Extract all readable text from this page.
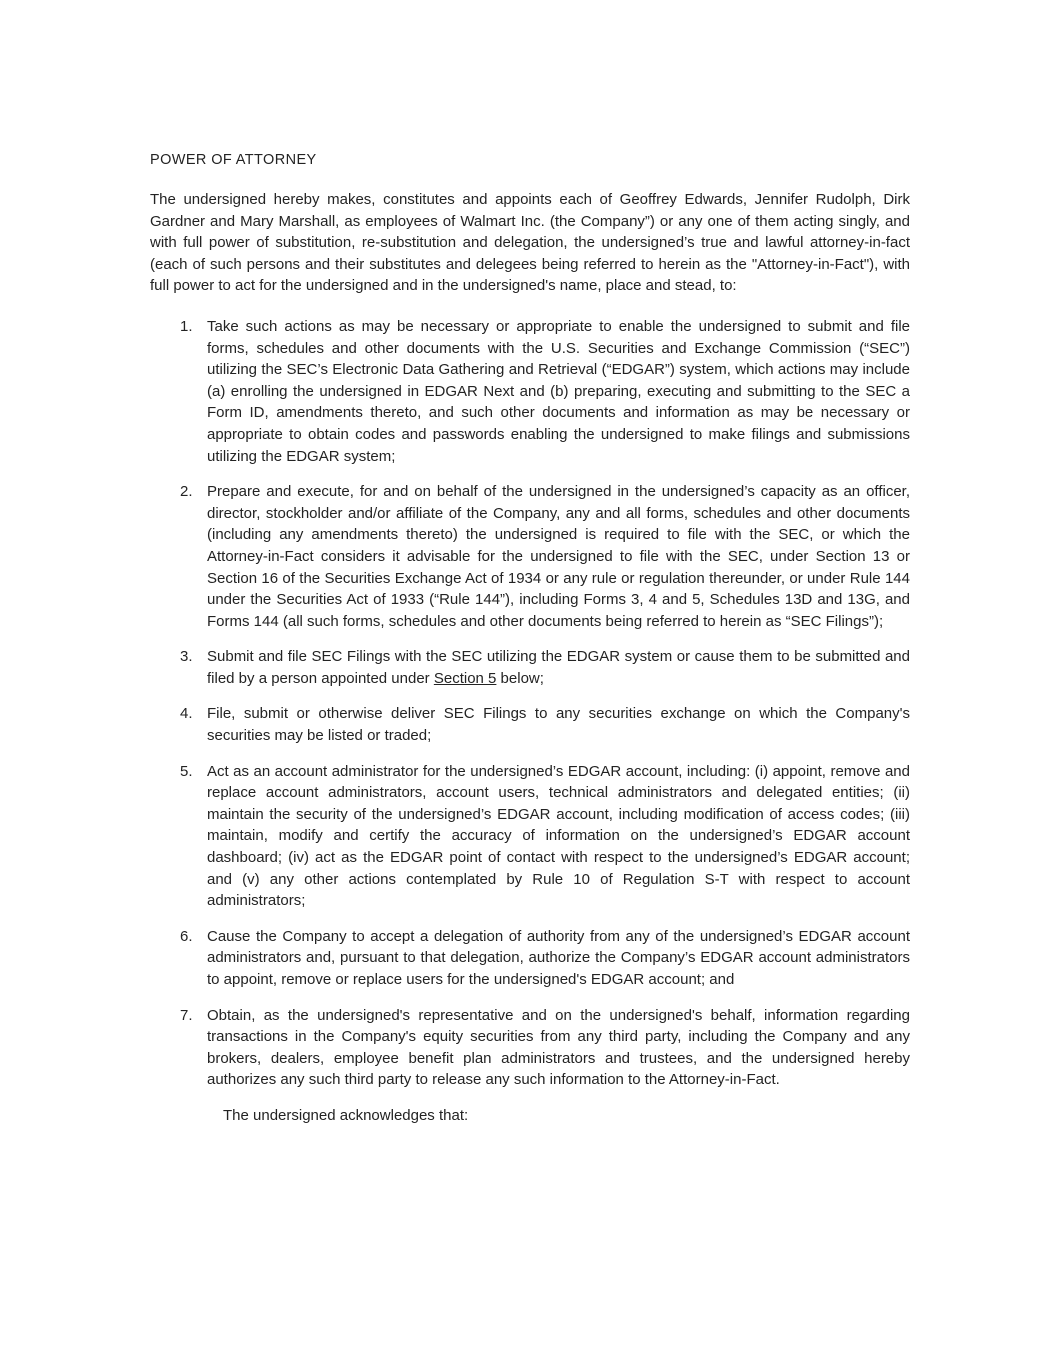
POWER OF ATTORNEY

The undersigned hereby makes, constitutes and appoints each of Geoffrey Edwards, Jennifer Rudolph, Dirk Gardner and Mary Marshall, as employees of Walmart Inc. (the Company”) or any one of them acting singly, and with full power of substitution, re-substitution and delegation, the undersigned’s true and lawful attorney-in-fact (each of such persons and their substitutes and delegees being referred to herein as the "Attorney-in-Fact"), with full power to act for the undersigned and in the undersigned's name, place and stead, to:

1. Take such actions as may be necessary or appropriate to enable the undersigned to submit and file forms, schedules and other documents with the U.S. Securities and Exchange Commission (“SEC”) utilizing the SEC’s Electronic Data Gathering and Retrieval (“EDGAR”) system, which actions may include (a) enrolling the undersigned in EDGAR Next and (b) preparing, executing and submitting to the SEC a Form ID, amendments thereto, and such other documents and information as may be necessary or appropriate to obtain codes and passwords enabling the undersigned to make filings and submissions utilizing the EDGAR system;
2. Prepare and execute, for and on behalf of the undersigned in the undersigned’s capacity as an officer, director, stockholder and/or affiliate of the Company, any and all forms, schedules and other documents (including any amendments thereto) the undersigned is required to file with the SEC, or which the Attorney-in-Fact considers it advisable for the undersigned to file with the SEC, under Section 13 or Section 16 of the Securities Exchange Act of 1934 or any rule or regulation thereunder, or under Rule 144 under the Securities Act of 1933 (“Rule 144”), including Forms 3, 4 and 5, Schedules 13D and 13G, and Forms 144 (all such forms, schedules and other documents being referred to herein as “SEC Filings”);
3. Submit and file SEC Filings with the SEC utilizing the EDGAR system or cause them to be submitted and filed by a person appointed under Section 5 below;
4. File, submit or otherwise deliver SEC Filings to any securities exchange on which the Company's securities may be listed or traded;
5. Act as an account administrator for the undersigned’s EDGAR account, including: (i) appoint, remove and replace account administrators, account users, technical administrators and delegated entities; (ii) maintain the security of the undersigned’s EDGAR account, including modification of access codes; (iii) maintain, modify and certify the accuracy of information on the undersigned’s EDGAR account dashboard; (iv) act as the EDGAR point of contact with respect to the undersigned’s EDGAR account; and (v) any other actions contemplated by Rule 10 of Regulation S-T with respect to account administrators;
6. Cause the Company to accept a delegation of authority from any of the undersigned’s EDGAR account administrators and, pursuant to that delegation, authorize the Company’s EDGAR account administrators to appoint, remove or replace users for the undersigned's EDGAR account; and
7. Obtain, as the undersigned's representative and on the undersigned's behalf, information regarding transactions in the Company's equity securities from any third party, including the Company and any brokers, dealers, employee benefit plan administrators and trustees, and the undersigned hereby authorizes any such third party to release any such information to the Attorney-in-Fact.

The undersigned acknowledges that:
